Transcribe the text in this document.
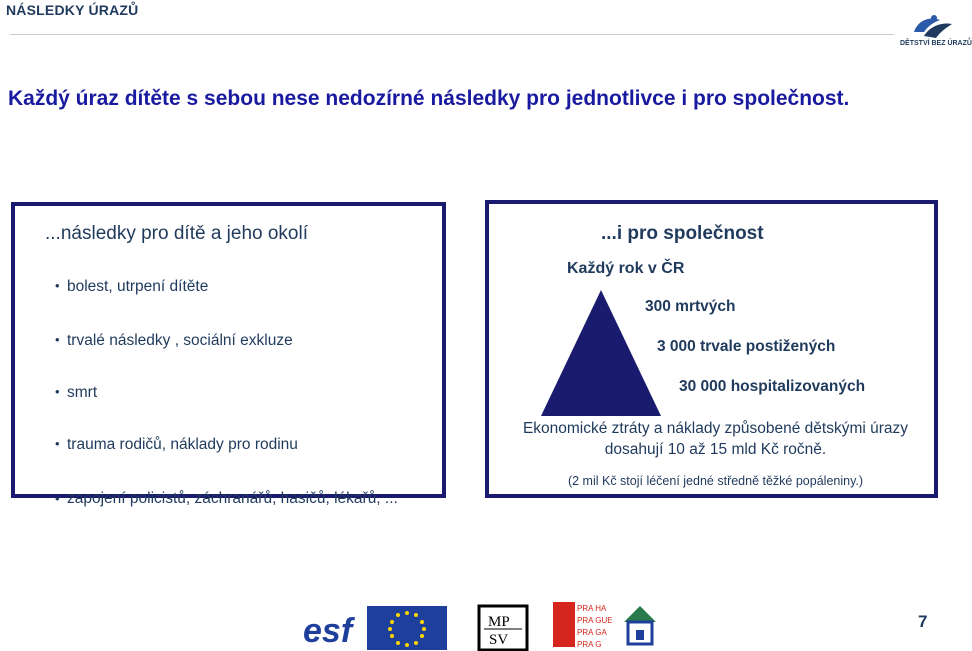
NÁSLEDKY ÚRAZŮ
DĚTSTVÍ BEZ ÚRAZŮ
Každý úraz dítěte s sebou nese nedozírné následky pro jednotlivce i pro společnost.
...následky pro dítě a jeho okolí
• bolest, utrpení dítěte
• trvalé následky , sociální exkluze
• smrt
• trauma rodičů, náklady pro rodinu
• zapojení policistů, záchranářů, hasičů, lékařů, ...
...i pro společnost
Každý rok v ČR
300 mrtvých
3 000 trvale postižených
30 000 hospitalizovaných
Ekonomické ztráty a náklady způsobené dětskými úrazy dosahují 10 až 15 mld Kč ročně.
(2 mil Kč stojí léčení jedné středně těžké popáleniny.)
esf	MP
SV
PRA HA
PRA GUE
PRA GA
PRA G
7
